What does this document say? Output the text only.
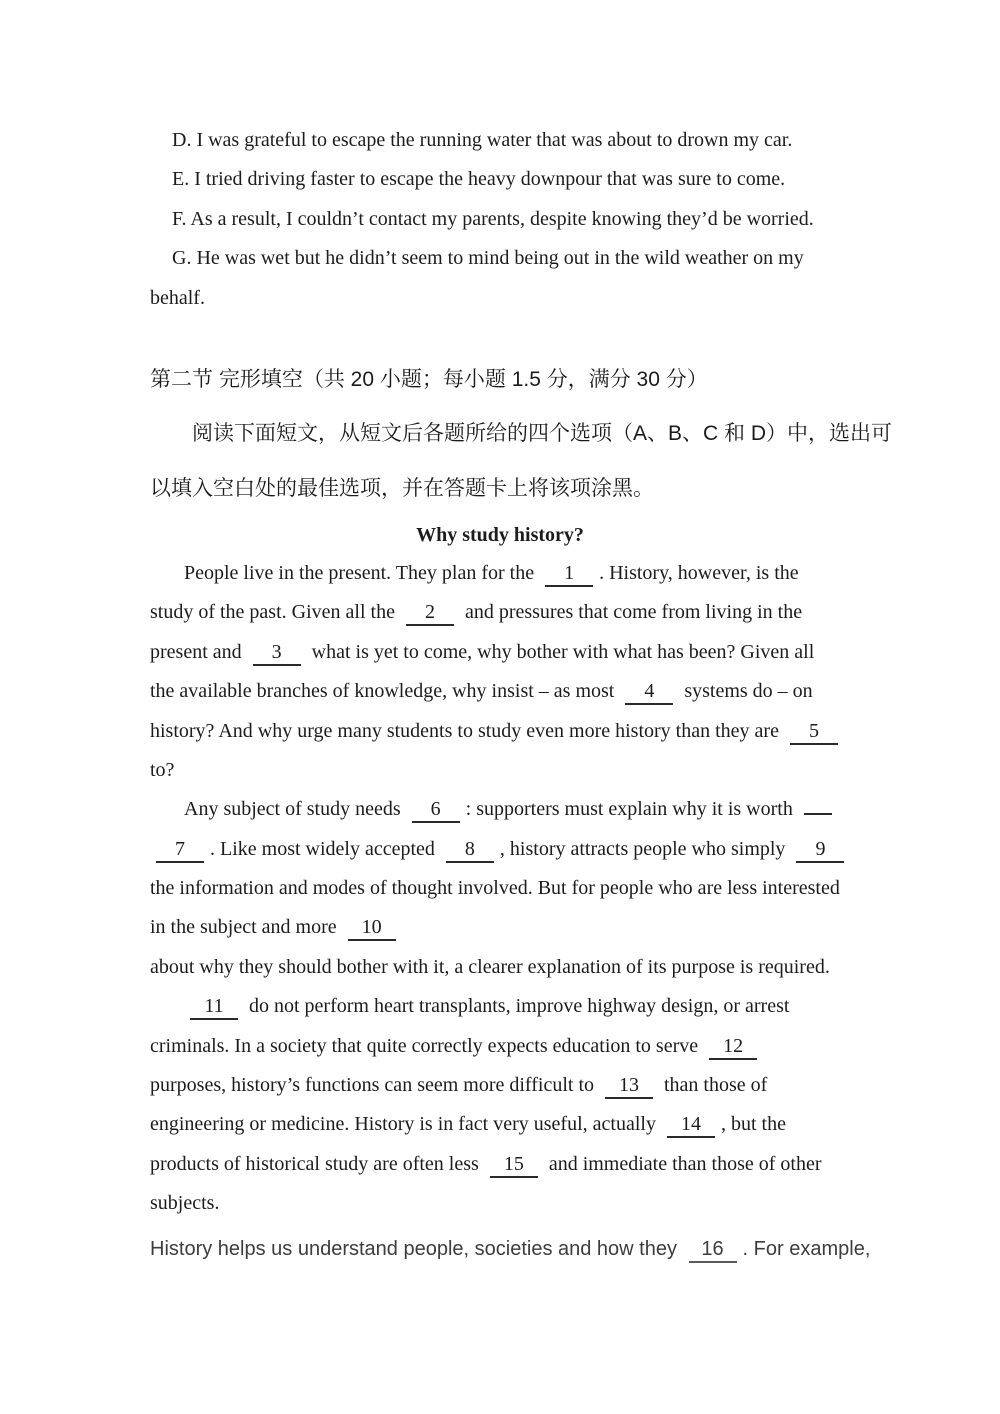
D. I was grateful to escape the running water that was about to drown my car.
E. I tried driving faster to escape the heavy downpour that was sure to come.
F. As a result, I couldn’t contact my parents, despite knowing they’d be worried.
G. He was wet but he didn’t seem to mind being out in the wild weather on my
behalf.
第二节 完形填空（共 20 小题；每小题 1.5 分，满分 30 分）
阅读下面短文，从短文后各题所给的四个选项（A、B、C 和 D）中，选出可
以填入空白处的最佳选项，并在答题卡上将该项涂黑。
Why study history?
People live in the present. They plan for the 1 . History, however, is the
study of the past. Given all the 2 and pressures that come from living in the
present and 3 what is yet to come, why bother with what has been? Given all
the available branches of knowledge, why insist – as most 4 systems do – on
history? And why urge many students to study even more history than they are 5
to?
Any subject of study needs 6 : supporters must explain why it is worth
7 . Like most widely accepted 8 , history attracts people who simply 9
the information and modes of thought involved. But for people who are less interested
in the subject and more 10
about why they should bother with it, a clearer explanation of its purpose is required.
11 do not perform heart transplants, improve highway design, or arrest
criminals. In a society that quite correctly expects education to serve 12
purposes, history’s functions can seem more difficult to 13 than those of
engineering or medicine. History is in fact very useful, actually 14 , but the
products of historical study are often less 15 and immediate than those of other
subjects.
History helps us understand people, societies and how they 16 . For example,
